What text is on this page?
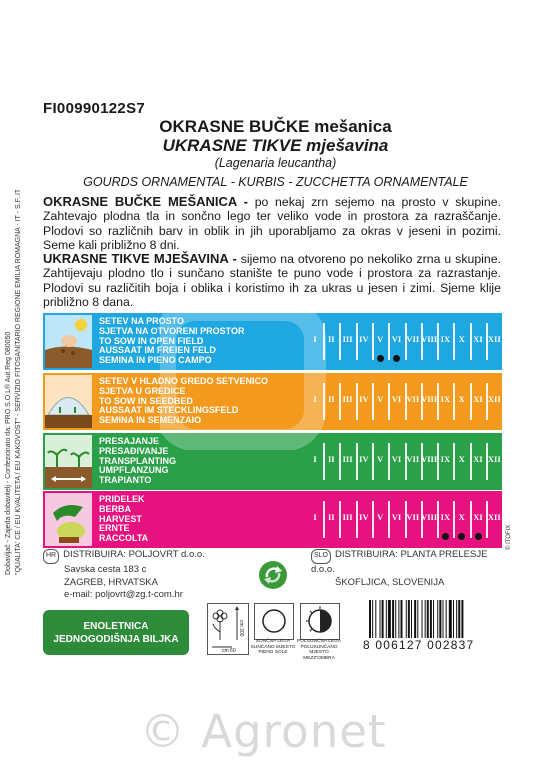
FI00990122S7
OKRASNE BUČKE mešanica
UKRASNE TIKVE mješavina
(Lagenaria leucantha)
GOURDS ORNAMENTAL - KURBIS - ZUCCHETTA ORNAMENTALE
OKRASNE BUČKE MEŠANICA - po nekaj zrn sejemo na prosto v skupine. Zahtevajo plodna tla in sončno lego ter veliko vode in prostora za razraščanje. Plodovi so različnih barv in oblik in jih uporabljamo za okras v jeseni in pozimi. Seme kali približno 8 dni.
UKRASNE TIKVE MJEŠAVINA - sijemo na otvoreno po nekoliko zrna u skupine. Zahtijevaju plodno tlo i sunčano stanište te puno vode i prostora za razrastanje. Plodovi su različitih boja i oblika i koristimo ih za ukras u jesen i zimi. Sjeme klije približno 8 dana.
Dobavljač - Zajeda dobavitelj - Confezionato da: PRO.S.O.L® Aut.Reg 080050 "QUALITA' CE / EU KVALITETA / EU KAKOVOST" - SERVIZIO FITOSANITARIO REGIONE EMILIA ROMAGNA - IT - S.F. IT-08 - Proizvodač: ITEILI	© ITOFIX
SETEV NA PROSTO
SJETVA NA OTVORENI PROSTOR
TO SOW IN OPEN FIELD
AUSSAAT IM FREIEN FELD
SEMINA IN PIENO CAMPO
I	II III IV	V	VI VII VIII IX	X	XI XII
SETEV V HLADNO GREDO SETVENICO
SJETVA U GREDICE
TO SOW IN SEEDBED
AUSSAAT IM STECKLINGSFELD
SEMINA IN SEMENZAIO
I	II III IV	V	VI VII VIII IX	X	XI XII
PRESAJANJE
PRESAĐIVANJE
TRANSPLANTING
UMPFLANZUNG
TRAPIANTO
I	II III IV	V	VI VII VIII IX	X	XI XII
PRIDELEK
BERBA
HARVEST
ERNTE
RACCOLTA
I	II III IV	V	VI VII VIII IX	X	XI XII
HR DISTRIBUIRA: POLJOVRT d.o.o.
Savska cesta 183 c
ZAGREB, HRVATSKA
e-mail: poljovrt@zg.t-com.hr
SLO DISTRIBUIRA: PLANTA PRELESJE d.o.o.
ŠKOFLJICA, SLOVENIJA
ENOLETNICA
JEDNOGODIŠNJA BILJKA
cm 300
cm 60
SONČNA LEGA
SUNČANO MJESTO
PIENO SOLE
POLSONČNA LEGA
POLUSUNČANO
MJESTO
MEZZ'OMBRA
8 006127 002837
© Agronet
